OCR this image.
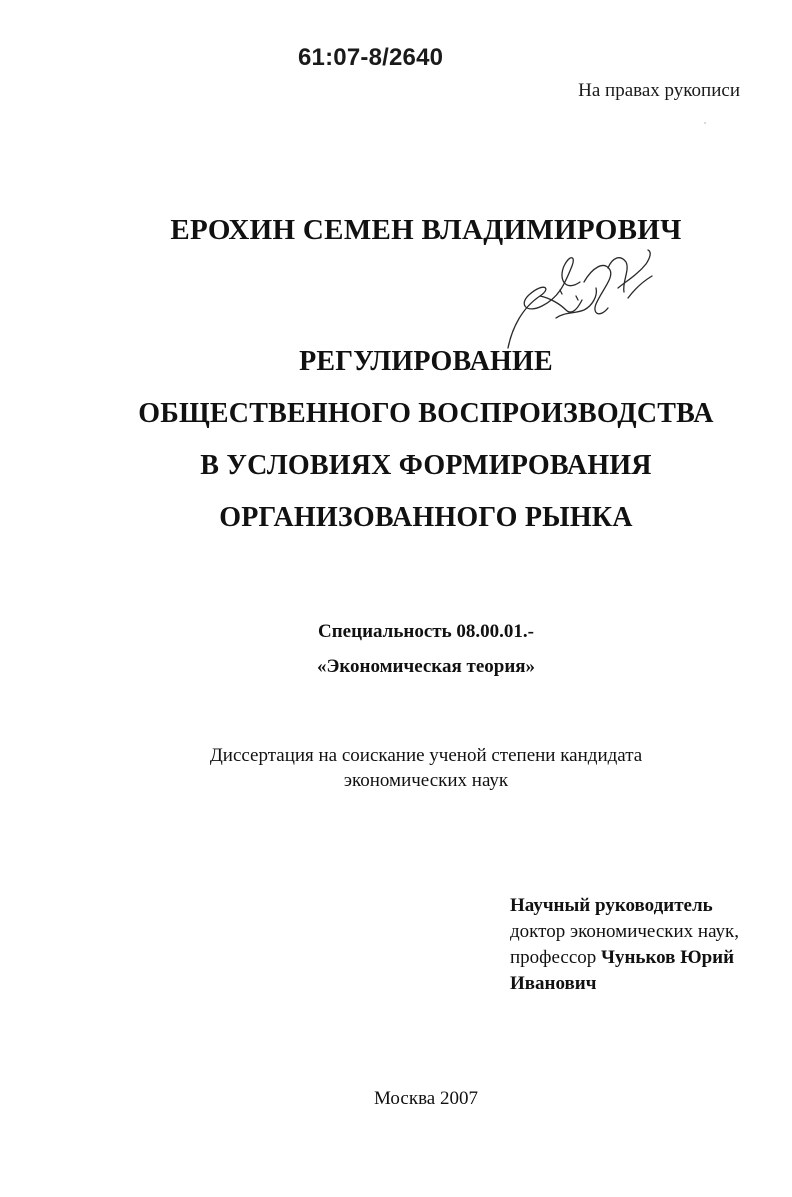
61:07-8/2640
На правах рукописи
ЕРОХИН СЕМЕН ВЛАДИМИРОВИЧ
РЕГУЛИРОВАНИЕ
ОБЩЕСТВЕННОГО ВОСПРОИЗВОДСТВА
В УСЛОВИЯХ ФОРМИРОВАНИЯ
ОРГАНИЗОВАННОГО РЫНКА
Специальность 08.00.01.-
«Экономическая теория»
Диссертация на соискание ученой степени кандидата
экономических наук
Научный руководитель
доктор экономических наук,
профессор Чуньков Юрий
Иванович
Москва 2007
